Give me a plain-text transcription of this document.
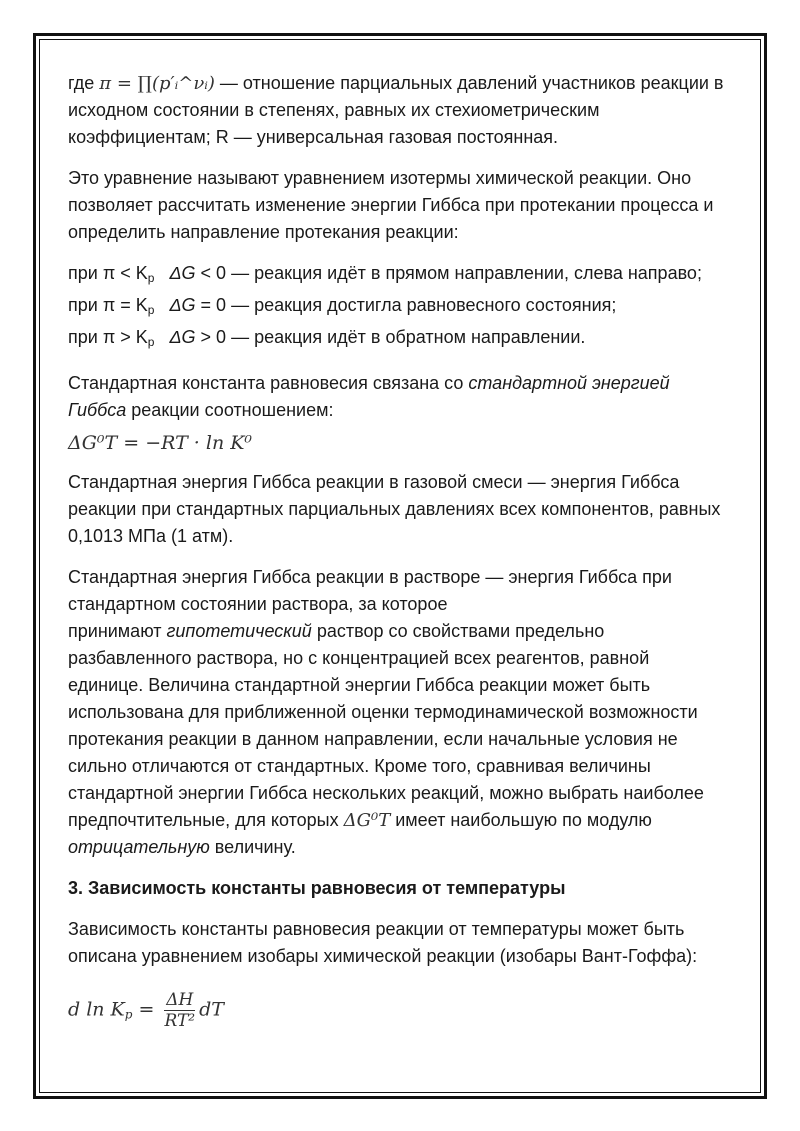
где π = ∏(p′ᵢ^νᵢ) — отношение парциальных давлений участников реакции в
исходном состоянии в степенях, равных их стехиометрическим
коэффициентам; R — универсальная газовая постоянная.

Это уравнение называют уравнением изотермы химической реакции. Оно позволяет рассчитать изменение энергии Гиббса при протекании процесса и определить направление протекания реакции:

при $\pi < K_p$ ΔG < 0 — реакция идёт в прямом направлении, слева направо;

при $\pi = K_p$ ΔG = 0 — реакция достигла равновесного состояния;

при $\pi > K_p$ ΔG > 0 — реакция идёт в обратном направлении.

Стандартная константа равновесия связана со стандартной энергией Гиббса реакции соотношением:

ΔG⁰T = −RT · ln K⁰

Стандартная энергия Гиббса реакции в газовой смеси — энергия Гиббса реакции при стандартных парциальных давлениях всех компонентов, равных 0,1013 МПа (1 атм).

Стандартная энергия Гиббса реакции в растворе — энергия Гиббса при стандартном состоянии раствора, за которое
принимают гипотетический раствор со свойствами предельно разбавленного раствора, но с концентрацией всех реагентов, равной единице. Величина стандартной энергии Гиббса реакции может быть использована для приближенной оценки термодинамической возможности протекания реакции в данном направлении, если начальные условия не сильно отличаются от стандартных. Кроме того, сравнивая величины стандартной энергии Гиббса нескольких реакций, можно выбрать наиболее предпочтительные, для которых ΔG⁰T имеет наибольшую по модулю отрицательную величину.

3. Зависимость константы равновесия от температуры

Зависимость константы равновесия реакции от температуры может быть описана уравнением изобары химической реакции (изобары Вант-Гоффа):

d $\ln K_p = \frac{\Delta H}{\text{RT²}}$ dT
